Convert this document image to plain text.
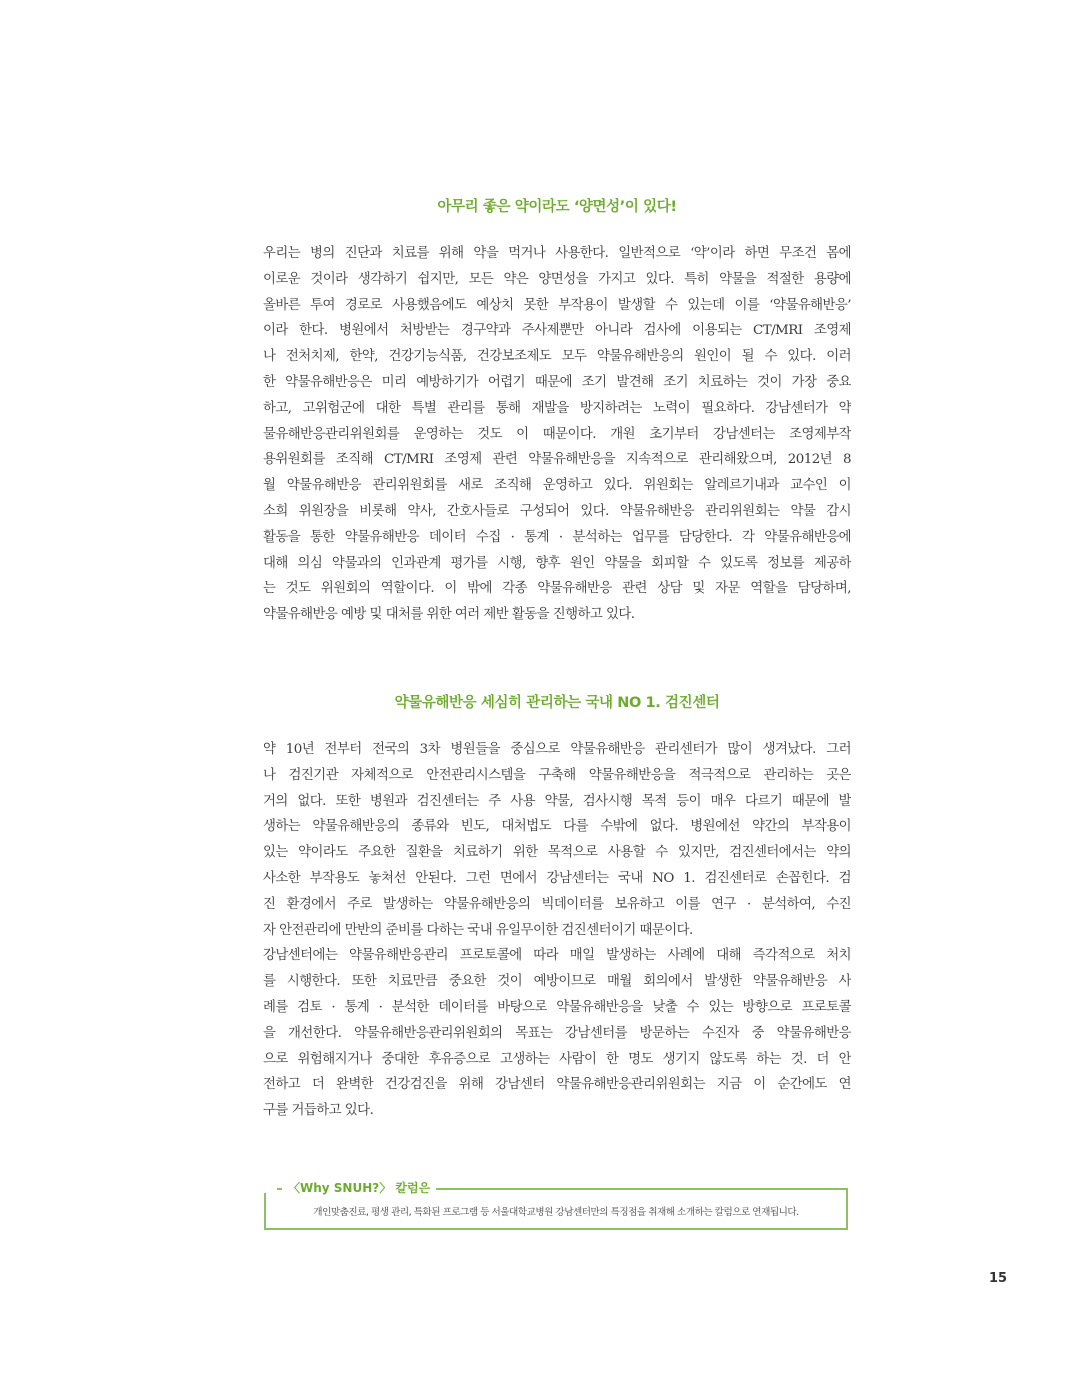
아무리 좋은 약이라도 ‘양면성’이 있다!
우리는 병의 진단과 치료를 위해 약을 먹거나 사용한다. 일반적으로 ‘약’이라 하면 무조건 몸에
이로운 것이라 생각하기 쉽지만, 모든 약은 양면성을 가지고 있다. 특히 약물을 적절한 용량에
올바른 투여 경로로 사용했음에도 예상치 못한 부작용이 발생할 수 있는데 이를 ‘약물유해반응’
이라 한다. 병원에서 처방받는 경구약과 주사제뿐만 아니라 검사에 이용되는 CT/MRI 조영제
나 전처치제, 한약, 건강기능식품, 건강보조제도 모두 약물유해반응의 원인이 될 수 있다. 이러
한 약물유해반응은 미리 예방하기가 어렵기 때문에 조기 발견해 조기 치료하는 것이 가장 중요
하고, 고위험군에 대한 특별 관리를 통해 재발을 방지하려는 노력이 필요하다. 강남센터가 약
물유해반응관리위원회를 운영하는 것도 이 때문이다. 개원 초기부터 강남센터는 조영제부작
용위원회를 조직해 CT/MRI 조영제 관련 약물유해반응을 지속적으로 관리해왔으며, 2012년 8
월 약물유해반응 관리위원회를 새로 조직해 운영하고 있다. 위원회는 알레르기내과 교수인 이
소희 위원장을 비롯해 약사, 간호사들로 구성되어 있다. 약물유해반응 관리위원회는 약물 감시
활동을 통한 약물유해반응 데이터 수집 · 통계 · 분석하는 업무를 담당한다. 각 약물유해반응에
대해 의심 약물과의 인과관계 평가를 시행, 향후 원인 약물을 회피할 수 있도록 정보를 제공하
는 것도 위원회의 역할이다. 이 밖에 각종 약물유해반응 관련 상담 및 자문 역할을 담당하며,
약물유해반응 예방 및 대처를 위한 여러 제반 활동을 진행하고 있다.
약물유해반응 세심히 관리하는 국내 NO 1. 검진센터
약 10년 전부터 전국의 3차 병원들을 중심으로 약물유해반응 관리센터가 많이 생겨났다. 그러
나 검진기관 자체적으로 안전관리시스템을 구축해 약물유해반응을 적극적으로 관리하는 곳은
거의 없다. 또한 병원과 검진센터는 주 사용 약물, 검사시행 목적 등이 매우 다르기 때문에 발
생하는 약물유해반응의 종류와 빈도, 대처법도 다를 수밖에 없다. 병원에선 약간의 부작용이
있는 약이라도 주요한 질환을 치료하기 위한 목적으로 사용할 수 있지만, 검진센터에서는 약의
사소한 부작용도 놓쳐선 안된다. 그런 면에서 강남센터는 국내 NO 1. 검진센터로 손꼽힌다. 검
진 환경에서 주로 발생하는 약물유해반응의 빅데이터를 보유하고 이를 연구 · 분석하여, 수진
자 안전관리에 만반의 준비를 다하는 국내 유일무이한 검진센터이기 때문이다.
강남센터에는 약물유해반응관리 프로토콜에 따라 매일 발생하는 사례에 대해 즉각적으로 처치
를 시행한다. 또한 치료만큼 중요한 것이 예방이므로 매월 회의에서 발생한 약물유해반응 사
례를 검토 · 통계 · 분석한 데이터를 바탕으로 약물유해반응을 낮출 수 있는 방향으로 프로토콜
을 개선한다. 약물유해반응관리위원회의 목표는 강남센터를 방문하는 수진자 중 약물유해반응
으로 위험해지거나 중대한 후유증으로 고생하는 사람이 한 명도 생기지 않도록 하는 것. 더 안
전하고 더 완벽한 건강검진을 위해 강남센터 약물유해반응관리위원회는 지금 이 순간에도 연
구를 거듭하고 있다.
〈Why SNUH?〉 칼럼은
개인맞춤진료, 평생 관리, 특화된 프로그램 등 서울대학교병원 강남센터만의 특징점을 취재해 소개하는 칼럼으로 연재됩니다.
15
